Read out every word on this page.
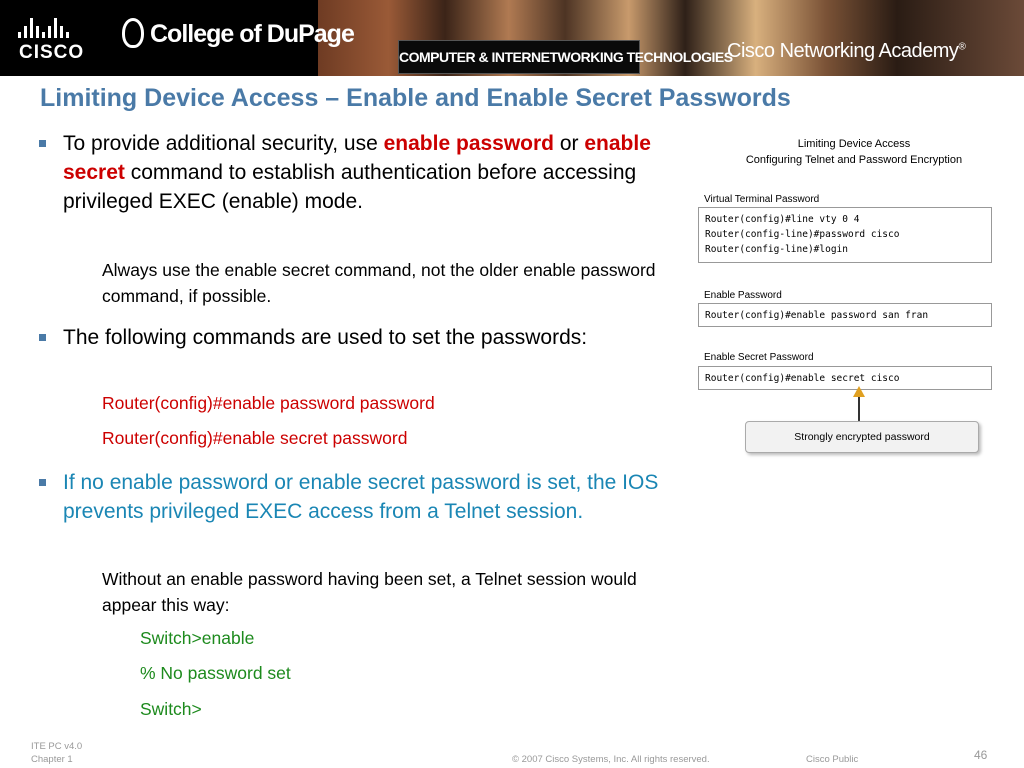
CISCO
College of DuPage
COMPUTER & INTERNETWORKING TECHNOLOGIES
Cisco Networking Academy®
Limiting Device Access – Enable and Enable Secret Passwords
To provide additional security, use enable password or enable secret command to establish authentication before accessing privileged EXEC (enable) mode.
Always use the enable secret command, not the older enable password command, if possible.
The following commands are used to set the passwords:
Router(config)#enable password password
Router(config)#enable secret password
If no enable password or enable secret password is set, the IOS prevents privileged EXEC access from a Telnet session.
Without an enable password having been set, a Telnet session would appear this way:
Switch>enable
% No password set
Switch>
Limiting Device Access
Configuring Telnet and Password Encryption
Virtual Terminal Password
Router(config)#line vty 0 4
Router(config-line)#password cisco
Router(config-line)#login
Enable Password
Router(config)#enable password san fran
Enable Secret Password
Router(config)#enable secret cisco
Strongly encrypted password
ITE PC v4.0
Chapter 1	© 2007 Cisco Systems, Inc. All rights reserved.	Cisco Public	46
